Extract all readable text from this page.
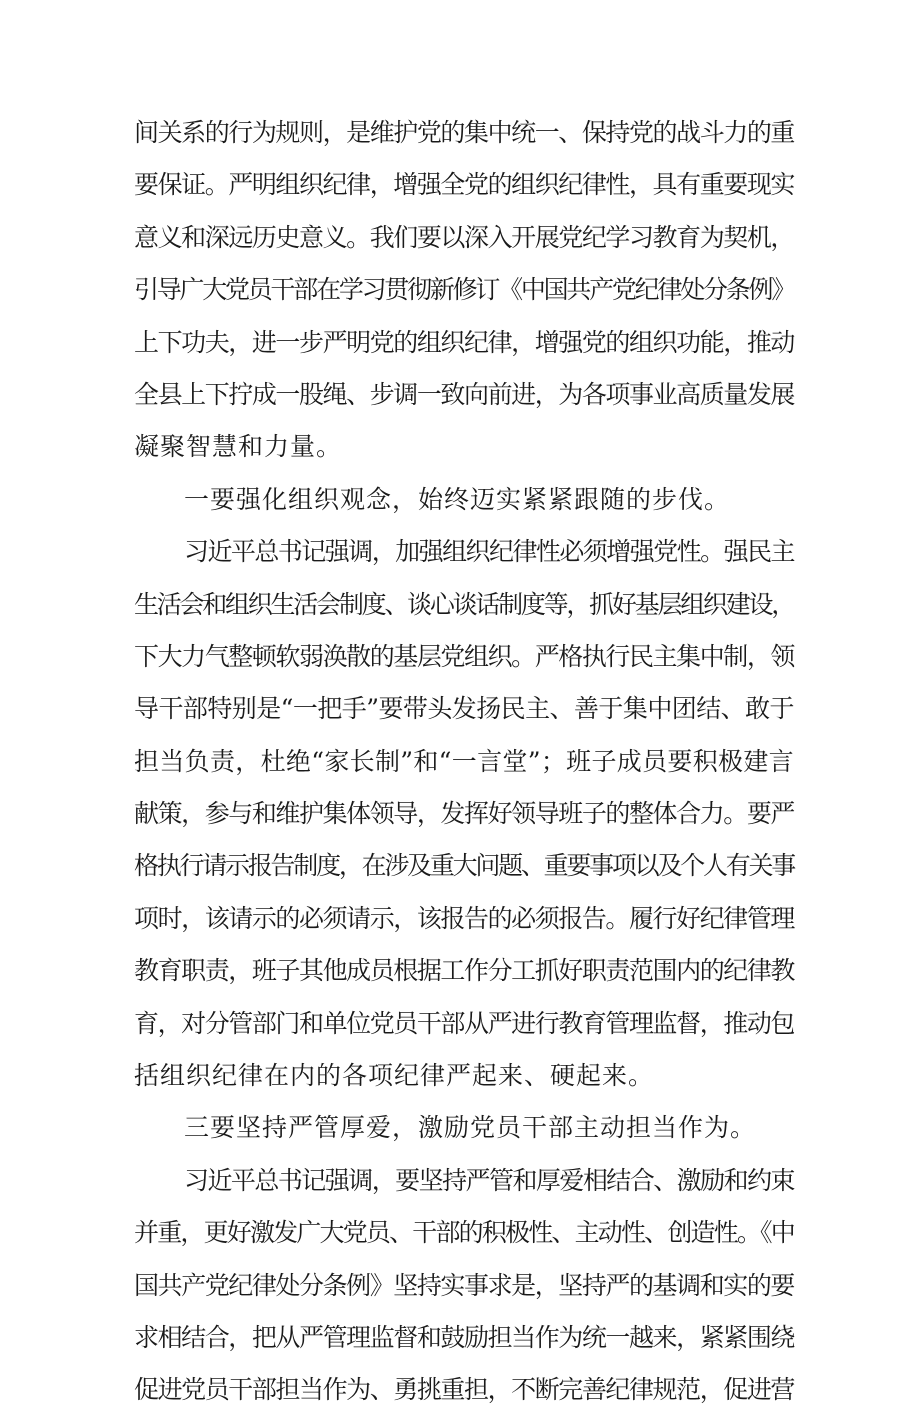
间关系的行为规则，是维护党的集中统一、保持党的战斗力的重
要保证。严明组织纪律，增强全党的组织纪律性，具有重要现实
意义和深远历史意义。我们要以深入开展党纪学习教育为契机，
引导广大党员干部在学习贯彻新修订《中国共产党纪律处分条例》
上下功夫，进一步严明党的组织纪律，增强党的组织功能，推动
全县上下拧成一股绳、步调一致向前进，为各项事业高质量发展
凝聚智慧和力量。
一要强化组织观念，始终迈实紧紧跟随的步伐。
习近平总书记强调，加强组织纪律性必须增强党性。强民主
生活会和组织生活会制度、谈心谈话制度等，抓好基层组织建设，
下大力气整顿软弱涣散的基层党组织。严格执行民主集中制，领
导干部特别是“一把手”要带头发扬民主、善于集中团结、敢于
担当负责，杜绝“家长制”和“一言堂”；班子成员要积极建言
献策，参与和维护集体领导，发挥好领导班子的整体合力。要严
格执行请示报告制度，在涉及重大问题、重要事项以及个人有关事
项时，该请示的必须请示，该报告的必须报告。履行好纪律管理
教育职责，班子其他成员根据工作分工抓好职责范围内的纪律教
育，对分管部门和单位党员干部从严进行教育管理监督，推动包
括组织纪律在内的各项纪律严起来、硬起来。
三要坚持严管厚爱，激励党员干部主动担当作为。
习近平总书记强调，要坚持严管和厚爱相结合、激励和约束
并重，更好激发广大党员、干部的积极性、主动性、创造性。《中
国共产党纪律处分条例》坚持实事求是，坚持严的基调和实的要
求相结合，把从严管理监督和鼓励担当作为统一越来，紧紧围绕
促进党员干部担当作为、勇挑重担，不断完善纪律规范，促进营
